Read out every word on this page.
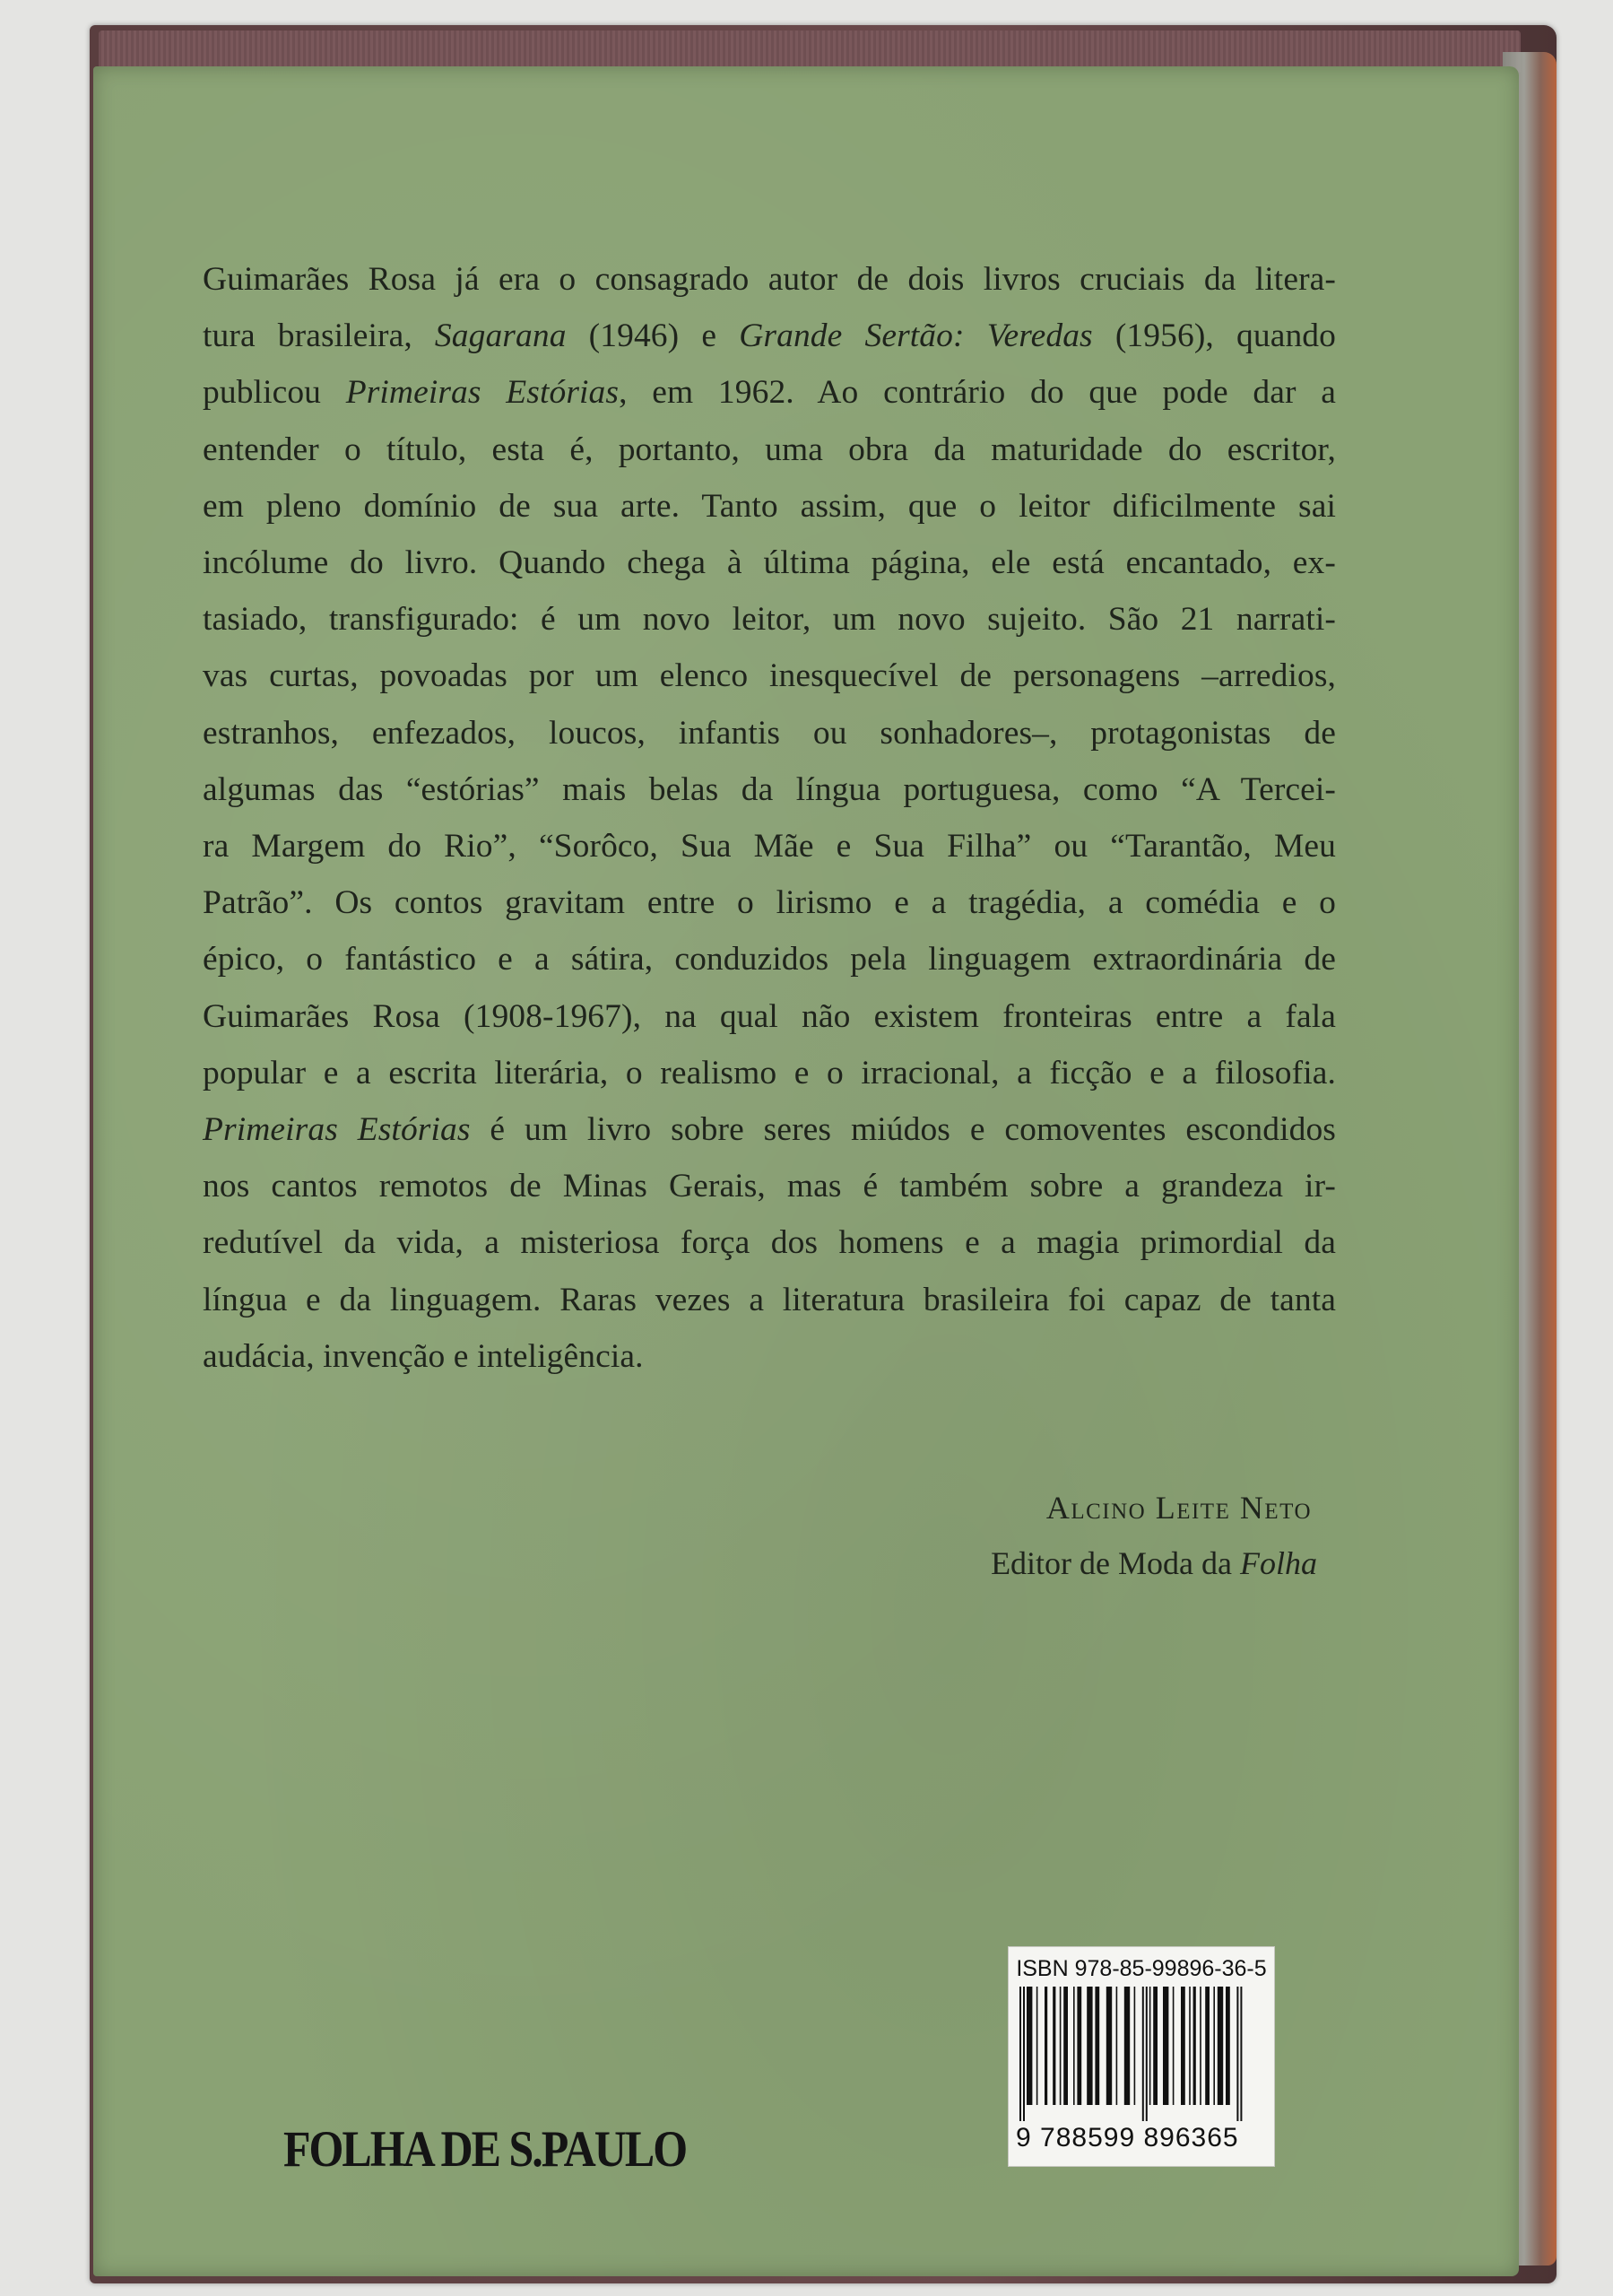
Guimarães Rosa já era o consagrado autor de dois livros cruciais da litera-
tura brasileira, Sagarana (1946) e Grande Sertão: Veredas (1956), quando
publicou Primeiras Estórias, em 1962. Ao contrário do que pode dar a
entender o título, esta é, portanto, uma obra da maturidade do escritor,
em pleno domínio de sua arte. Tanto assim, que o leitor dificilmente sai
incólume do livro. Quando chega à última página, ele está encantado, ex-
tasiado, transfigurado: é um novo leitor, um novo sujeito. São 21 narrati-
vas curtas, povoadas por um elenco inesquecível de personagens –arredios,
estranhos, enfezados, loucos, infantis ou sonhadores–, protagonistas de
algumas das “estórias” mais belas da língua portuguesa, como “A Tercei-
ra Margem do Rio”, “Sorôco, Sua Mãe e Sua Filha” ou “Tarantão, Meu
Patrão”. Os contos gravitam entre o lirismo e a tragédia, a comédia e o
épico, o fantástico e a sátira, conduzidos pela linguagem extraordinária de
Guimarães Rosa (1908-1967), na qual não existem fronteiras entre a fala
popular e a escrita literária, o realismo e o irracional, a ficção e a filosofia.
Primeiras Estórias é um livro sobre seres miúdos e comoventes escondidos
nos cantos remotos de Minas Gerais, mas é também sobre a grandeza ir-
redutível da vida, a misteriosa força dos homens e a magia primordial da
língua e da linguagem. Raras vezes a literatura brasileira foi capaz de tanta
audácia, invenção e inteligência.
Alcino Leite Neto
Editor de Moda da Folha
FOLHA DE S.PAULO
ISBN 978-85-99896-36-5
9 788599 896365
